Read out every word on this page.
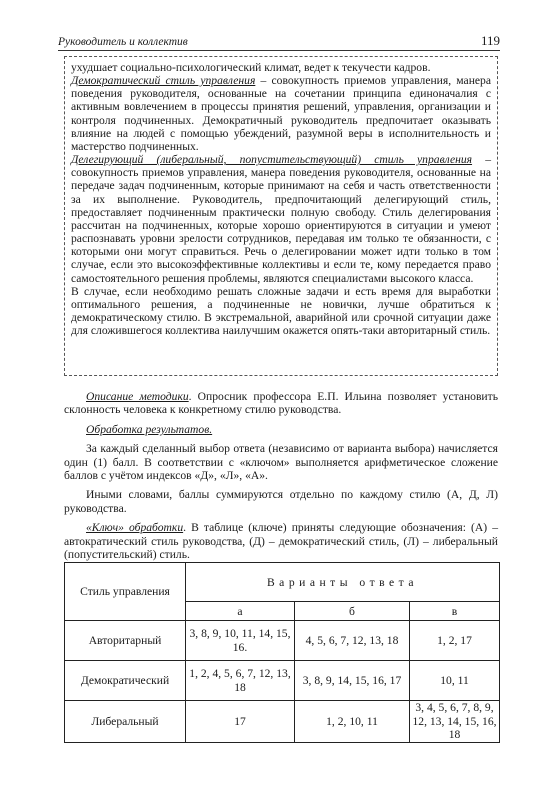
Руководитель и коллектив	119

ухудшает социально-психологический климат, ведет к текучести кадров.

Демократический стиль управления – совокупность приемов управления, манера поведения руководителя, основанные на сочетании принципа единоначалия с активным вовлечением в процессы принятия решений, управления, организации и контроля подчиненных. Демократичный руководитель предпочитает оказывать влияние на людей с помощью убеждений, разумной веры в исполнительность и мастерство подчиненных.

Делегирующий (либеральный, попустительствующий) стиль управления – совокупность приемов управления, манера поведения руководителя, основанные на передаче задач подчиненным, которые принимают на себя и часть ответственности за их выполнение. Руководитель, предпочитающий делегирующий стиль, предоставляет подчиненным практически полную свободу. Стиль делегирования рассчитан на подчиненных, которые хорошо ориентируются в ситуации и умеют распознавать уровни зрелости сотрудников, передавая им только те обязанности, с которыми они могут справиться. Речь о делегировании может идти только в том случае, если это высокоэффективные коллективы и если те, кому передается право самостоятельного решения проблемы, являются специалистами высокого класса.

В случае, если необходимо решать сложные задачи и есть время для выработки оптимального решения, а подчиненные не новички, лучше обратиться к демократическому стилю. В экстремальной, аварийной или срочной ситуации даже для сложившегося коллектива наилучшим окажется опять-таки авторитарный стиль.

Описание методики. Опросник профессора Е.П. Ильина позволяет установить склонность человека к конкретному стилю руководства.

Обработка результатов.

За каждый сделанный выбор ответа (независимо от варианта выбора) начисляется один (1) балл. В соответствии с «ключом» выполняется арифметическое сложение баллов с учётом индексов «Д», «Л», «А».

Иными словами, баллы суммируются отдельно по каждому стилю (А, Д, Л) руководства.

«Ключ» обработки. В таблице (ключе) приняты следующие обозначения: (А) – автократический стиль руководства, (Д) – демократический стиль, (Л) – либеральный (попустительский) стиль.

Стиль управления	Варианты ответа		
	а	б	в
Авторитарный	3, 8, 9, 10, 11, 14, 15, 16.	4, 5, 6, 7, 12, 13, 18	1, 2, 17
Демократический	1, 2, 4, 5, 6, 7, 12, 13, 18	3, 8, 9, 14, 15, 16, 17	10, 11
Либеральный	17	1, 2, 10, 11	3, 4, 5, 6, 7, 8, 9, 12, 13, 14, 15, 16, 18
